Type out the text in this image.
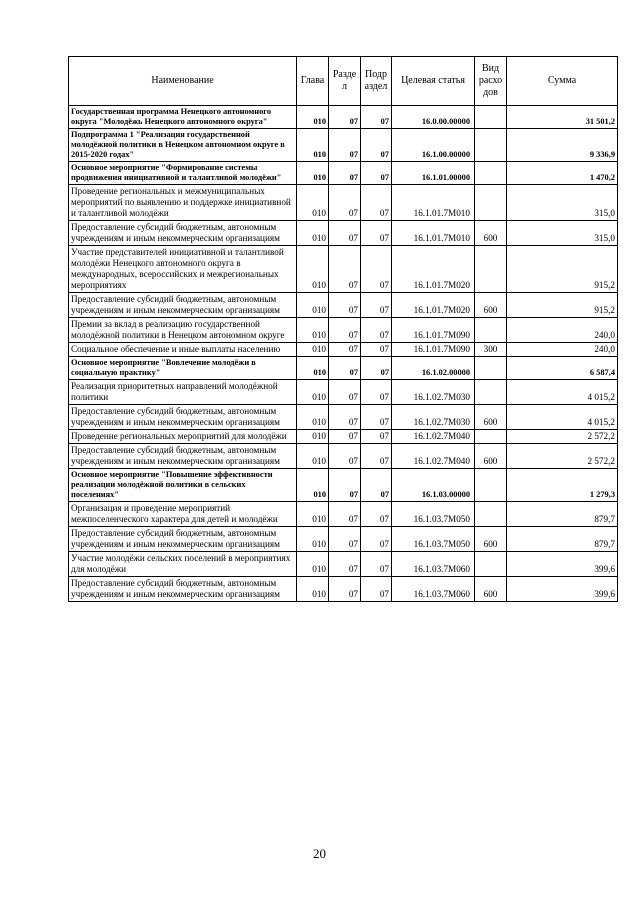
Наименование	Глава	Разде л	Подр аздел	Целевая статья	Вид расхо дов	Сумма
Государственная программа Ненецкого автономного округа "Молодёжь Ненецкого автономного округа"	010	07	07	16.0.00.00000		31 501,2
Подпрограмма 1 "Реализация государственной молодёжной политики в Ненецком автономном округе в 2015-2020 годах"	010	07	07	16.1.00.00000		9 336,9
Основное мероприятие "Формирование системы продвижения инициативной и талантливой молодёжи"	010	07	07	16.1.01.00000		1 470,2
Проведение региональных и межмуниципальных мероприятий по выявлению и поддержке инициативной и талантливой молодёжи	010	07	07	16.1.01.7М010		315,0
Предоставление субсидий бюджетным, автономным учреждениям и иным некоммерческим организациям	010	07	07	16.1.01.7М010	600	315,0
Участие представителей инициативной и талантливой молодёжи Ненецкого автономного округа в международных, всероссийских и межрегиональных мероприятиях	010	07	07	16.1.01.7М020		915,2
Предоставление субсидий бюджетным, автономным учреждениям и иным некоммерческим организациям	010	07	07	16.1.01.7М020	600	915,2
Премии за вклад в реализацию государственной молодёжной политики в Ненецком автономном округе	010	07	07	16.1.01.7М090		240,0
Социальное обеспечение и иные выплаты населению	010	07	07	16.1.01.7М090	300	240,0
Основное мероприятие "Вовлечение молодёжи в социальную практику"	010	07	07	16.1.02.00000		6 587,4
Реализация приоритетных направлений молодёжной политики	010	07	07	16.1.02.7М030		4 015,2
Предоставление субсидий бюджетным, автономным учреждениям и иным некоммерческим организациям	010	07	07	16.1.02.7М030	600	4 015,2
Проведение региональных мероприятий для молодёжи	010	07	07	16.1.02.7М040		2 572,2
Предоставление субсидий бюджетным, автономным учреждениям и иным некоммерческим организациям	010	07	07	16.1.02.7М040	600	2 572,2
Основное мероприятие "Повышение эффективности реализации молодёжной политики в сельских поселениях"	010	07	07	16.1.03.00000		1 279,3
Организация и проведение мероприятий межпоселенческого характера для детей и молодёжи	010	07	07	16.1.03.7М050		879,7
Предоставление субсидий бюджетным, автономным учреждениям и иным некоммерческим организациям	010	07	07	16.1.03.7М050	600	879,7
Участие молодёжи сельских поселений в мероприятиях для молодёжи	010	07	07	16.1.03.7М060		399,6
Предоставление субсидий бюджетным, автономным учреждениям и иным некоммерческим организациям	010	07	07	16.1.03.7М060	600	399,6
20
